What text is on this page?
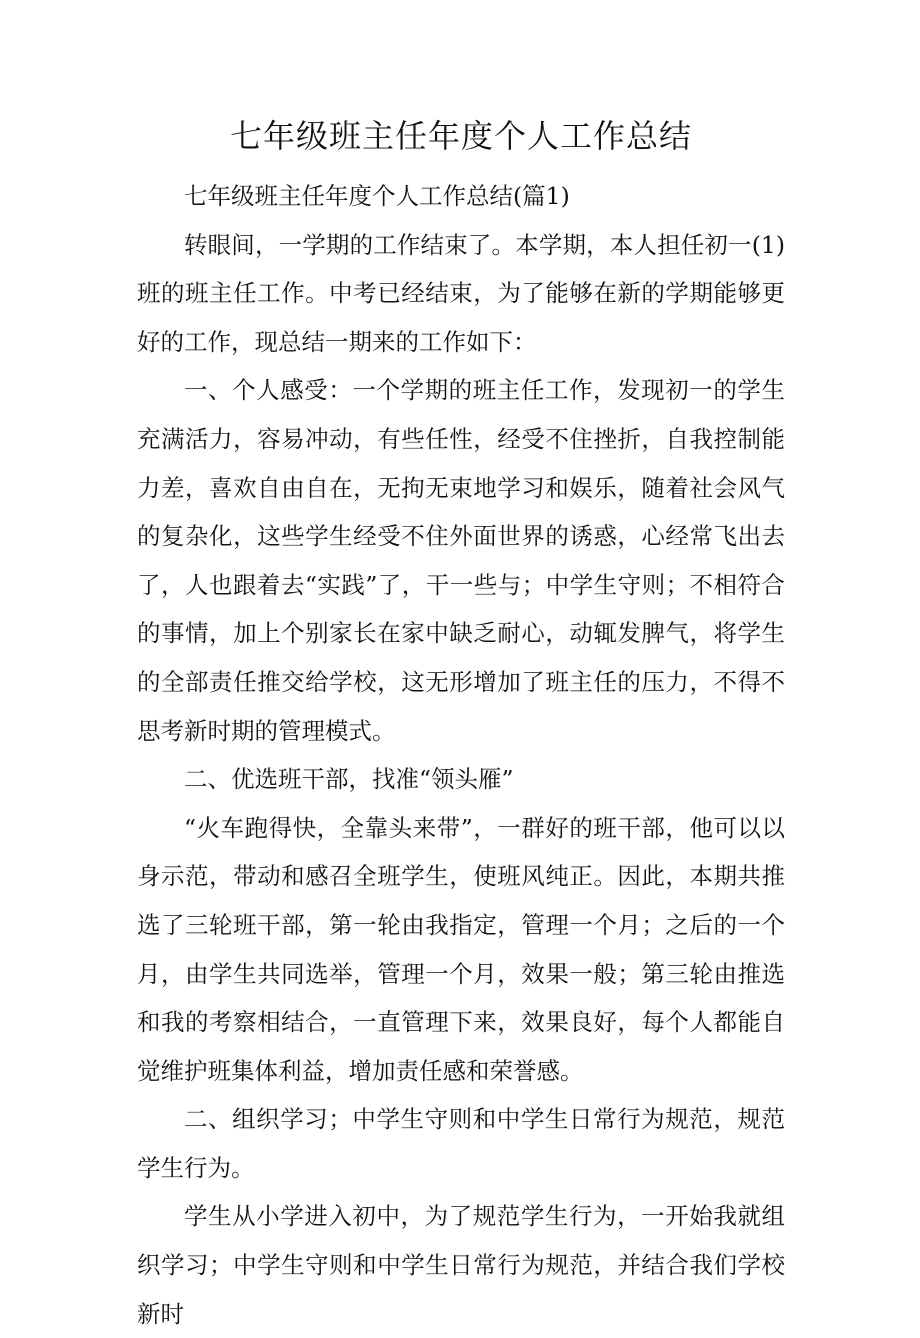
七年级班主任年度个人工作总结

七年级班主任年度个人工作总结(篇1)

转眼间，一学期的工作结束了。本学期，本人担任初一(1)班的班主任工作。中考已经结束，为了能够在新的学期能够更好的工作，现总结一期来的工作如下：

一、个人感受：一个学期的班主任工作，发现初一的学生充满活力，容易冲动，有些任性，经受不住挫折，自我控制能力差，喜欢自由自在，无拘无束地学习和娱乐，随着社会风气的复杂化，这些学生经受不住外面世界的诱惑，心经常飞出去了，人也跟着去“实践”了，干一些与；中学生守则；不相符合的事情，加上个别家长在家中缺乏耐心，动辄发脾气，将学生的全部责任推交给学校，这无形增加了班主任的压力，不得不思考新时期的管理模式。

二、优选班干部，找准“领头雁”

“火车跑得快，全靠头来带”，一群好的班干部，他可以以身示范，带动和感召全班学生，使班风纯正。因此，本期共推选了三轮班干部，第一轮由我指定，管理一个月；之后的一个月，由学生共同选举，管理一个月，效果一般；第三轮由推选和我的考察相结合，一直管理下来，效果良好，每个人都能自觉维护班集体利益，增加责任感和荣誉感。

二、组织学习；中学生守则和中学生日常行为规范，规范学生行为。

学生从小学进入初中，为了规范学生行为，一开始我就组织学习；中学生守则和中学生日常行为规范，并结合我们学校新时
